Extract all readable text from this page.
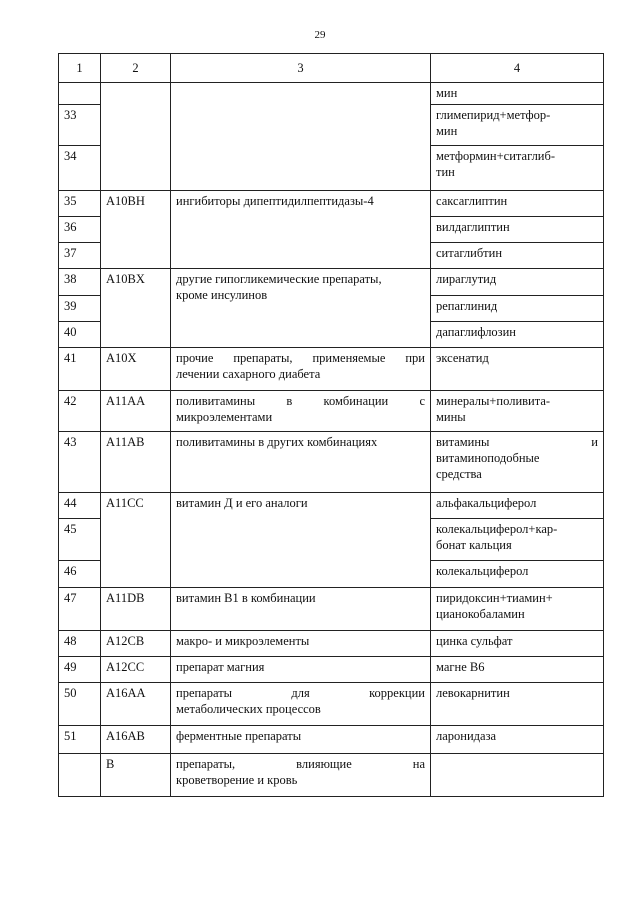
29
1	2	3	4
			мин
33			глимепирид+метфор-
мин

34			метформин+ситаглиб-
тин

35	A10BH	ингибиторы дипептидилпептидазы-4	саксаглиптин
36			вилдаглиптин
37			ситаглибтин
38	A10BX	другие гипогликемические препараты,
кроме инсулинов	лираглутид
39			репаглинид
40			дапаглифлозин
41	A10X	прочие препараты, применяемые при
лечении сахарного диабета	эксенатид
42	A11AA	поливитамины в комбинации с
микроэлементами	минералы+поливита-
мины

43	A11AB	поливитамины в других комбинациях	витамины и
витаминоподобные
средства

44	A11CC	витамин Д и его аналоги	альфакальциферол
45			колекальциферол+кар-
бонат кальция

46			колекальциферол
47	A11DB	витамин B1 в комбинации	пиридоксин+тиамин+
цианокобаламин

48	A12CB	макро- и микроэлементы	цинка сульфат
49	A12CC	препарат магния	магне B6
50	A16AA	препараты для коррекции
метаболических процессов	левокарнитин
51	A16AB	ферментные препараты	ларонидаза
	B	препараты, влияющие на
кроветворение и кровь	
